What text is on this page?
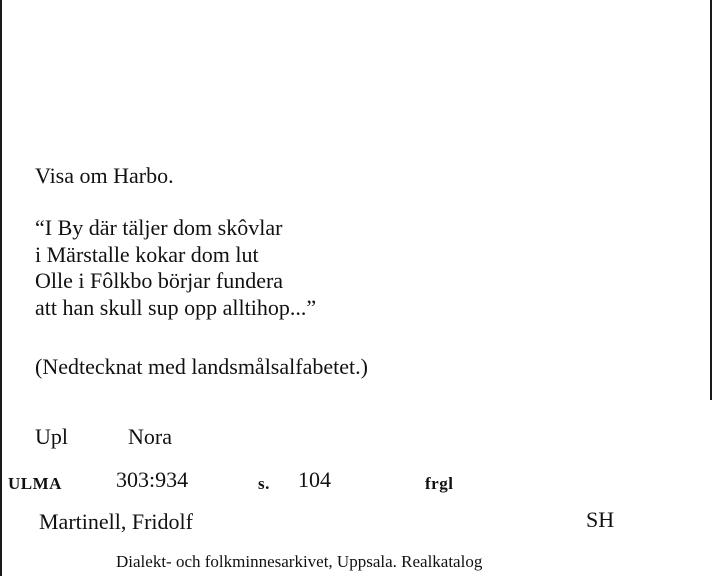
Visa om Harbo.
“I By där täljer dom skôvlar
i Märstalle kokar dom lut
Olle i Fôlkbo börjar fundera
att han skull sup opp alltihop...”
(Nedtecknat med landsmålsalfabetet.)
Upl	Nora
ULMA 303:934	s. 104	frgl
Martinell, Fridolf	SH
Dialekt- och folkminnesarkivet, Uppsala. Realkatalog
